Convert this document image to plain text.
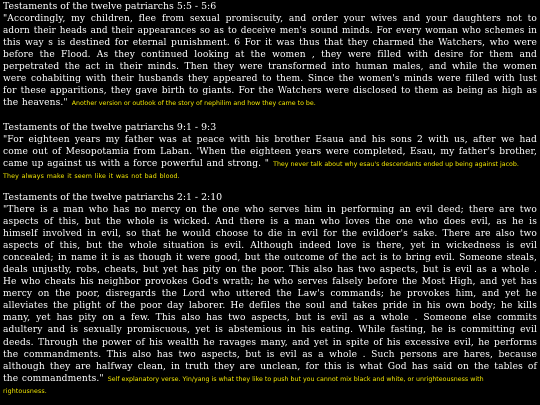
Testaments of the twelve patriarchs 5:5 - 5:6
"Accordingly, my children, flee from sexual promiscuity, and order your wives and your daughters not to
adorn their heads and their appearances so as to deceive men's sound minds. For every woman who schemes in
this way s is destined for eternal punishment. 6 For it was thus that they charmed the Watchers, who were
before the Flood. As they continued looking at the women , they were filled with desire for them and
perpetrated the act in their minds. Then they were transformed into human males, and while the women
were cohabiting with their husbands they appeared to them. Since the women's minds were filled with lust
for these apparitions, they gave birth to giants. For the Watchers were disclosed to them as being as high as
the heavens." Another version or outlook of the story of nephilim and how they came to be.
Testaments of the twelve patriarchs 9:1 - 9:3
"For eighteen years my father was at peace with his brother Esaua and his sons 2 with us, after we had
come out of Mesopotamia from Laban. 'When the eighteen years were completed, Esau, my father's brother,
came up against us with a force powerful and strong. " They never talk about why esau's descendants ended up being against jacob.
They always make it seem like it was not bad blood.
Testaments of the twelve patriarchs 2:1 - 2:10
"There is a man who has no mercy on the one who serves him in performing an evil deed; there are two
aspects of this, but the whole is wicked. And there is a man who loves the one who does evil, as he is
himself involved in evil, so that he would choose to die in evil for the evildoer's sake. There are also two
aspects of this, but the whole situation is evil. Although indeed love is there, yet in wickedness is evil
concealed; in name it is as though it were good, but the outcome of the act is to bring evil. Someone steals,
deals unjustly, robs, cheats, but yet has pity on the poor. This also has two aspects, but is evil as a whole .
He who cheats his neighbor provokes God's wrath; he who serves falsely before the Most High, and yet has
mercy on the poor, disregards the Lord who uttered the Law's commands; he provokes him, and yet he
alleviates the plight of the poor day laborer. He defiles the soul and takes pride in his own body; he kills
many, yet has pity on a few. This also has two aspects, but is evil as a whole . Someone else commits
adultery and is sexually promiscuous, yet is abstemious in his eating. While fasting, he is committing evil
deeds. Through the power of his wealth he ravages many, and yet in spite of his excessive evil, he performs
the commandments. This also has two aspects, but is evil as a whole . Such persons are hares, because
although they are halfway clean, in truth they are unclean, for this is what God has said on the tables of
the commandments." Self explanatory verse. Yin/yang is what they like to push but you cannot mix black and white, or unrighteousness with
rightousness.
